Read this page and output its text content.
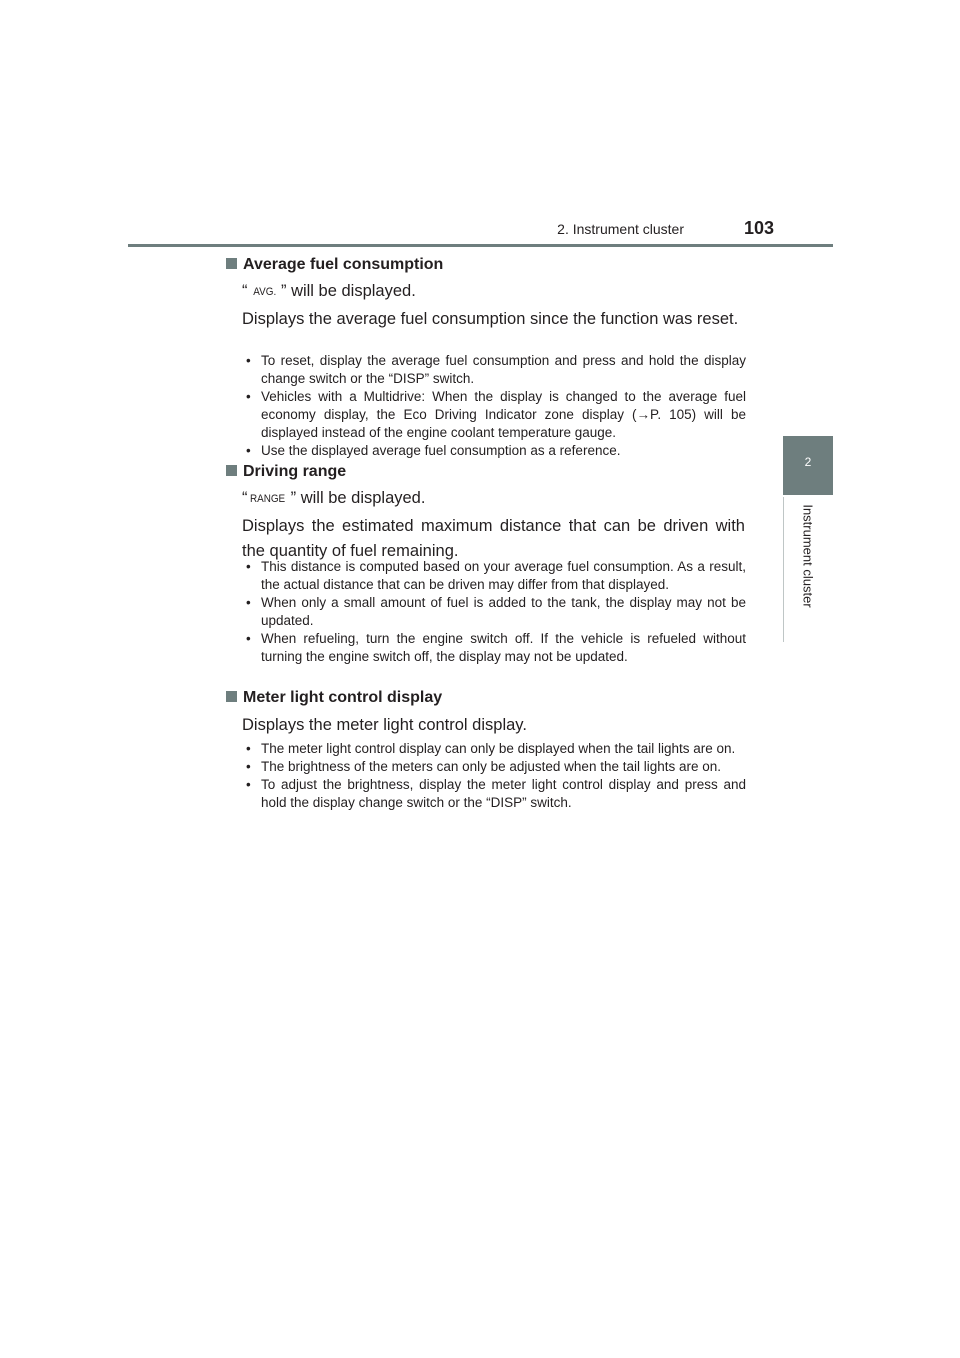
2. Instrument cluster	103
2
Instrument cluster
Average fuel consumption
“ AVG. ” will be displayed.
Displays the average fuel consumption since the function was reset.
• To reset, display the average fuel consumption and press and hold the display change switch or the “DISP” switch.
• Vehicles with a Multidrive: When the display is changed to the average fuel economy display, the Eco Driving Indicator zone display (→P. 105) will be displayed instead of the engine coolant temperature gauge.
• Use the displayed average fuel consumption as a reference.
Driving range
“ RANGE ” will be displayed.
Displays the estimated maximum distance that can be driven with the quantity of fuel remaining.
• This distance is computed based on your average fuel consumption. As a result, the actual distance that can be driven may differ from that displayed.
• When only a small amount of fuel is added to the tank, the display may not be updated.
• When refueling, turn the engine switch off. If the vehicle is refueled without turning the engine switch off, the display may not be updated.
Meter light control display
Displays the meter light control display.
• The meter light control display can only be displayed when the tail lights are on.
• The brightness of the meters can only be adjusted when the tail lights are on.
• To adjust the brightness, display the meter light control display and press and hold the display change switch or the “DISP” switch.
